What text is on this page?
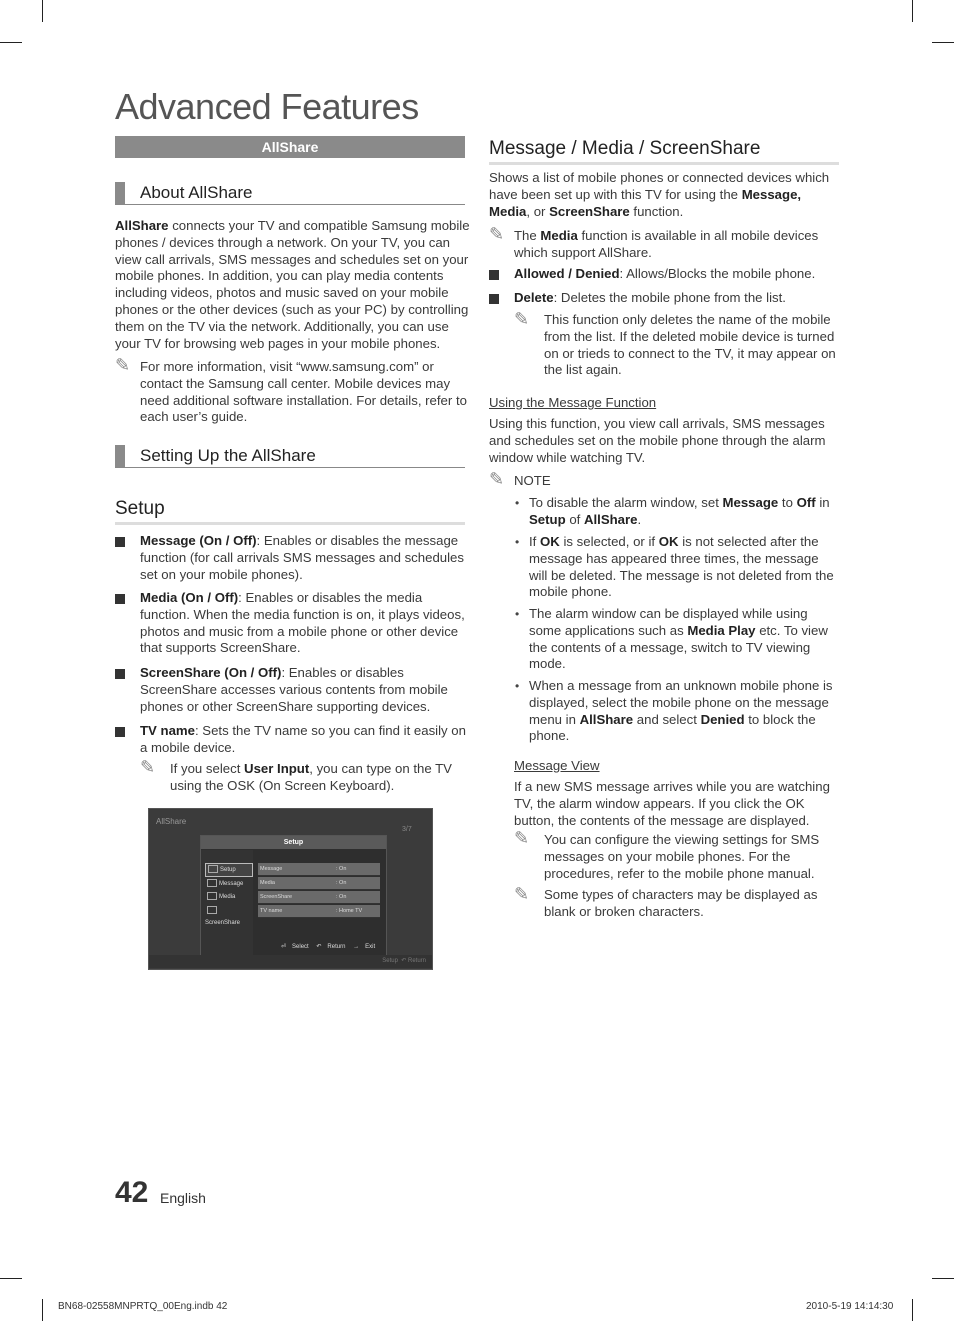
Advanced Features
AllShare
About AllShare
AllShare connects your TV and compatible Samsung mobile
phones / devices through a network. On your TV, you can
view call arrivals, SMS messages and schedules set on your
mobile phones. In addition, you can play media contents
including videos, photos and music saved on your mobile
phones or the other devices (such as your PC) by controlling
them on the TV via the network. Additionally, you can use
your TV for browsing web pages in your mobile phones.
✎ For more information, visit “www.samsung.com” or
contact the Samsung call center. Mobile devices may
need additional software installation. For details, refer to
each user’s guide.
Setting Up the AllShare
Setup
Message (On / Off): Enables or disables the message
function (for call arrivals SMS messages and schedules
set on your mobile phones).
Media (On / Off): Enables or disables the media
function. When the media function is on, it plays videos,
photos and music from a mobile phone or other device
that supports ScreenShare.
ScreenShare (On / Off): Enables or disables
ScreenShare accesses various contents from mobile
phones or other ScreenShare supporting devices.
TV name: Sets the TV name so you can find it easily on
a mobile device.
✎ If you select User Input, you can type on the TV
using the OSK (On Screen Keyboard).
AllShare
3/7
Setup
Setup
Message
Media
ScreenShare
Message	: On
Media	: On
ScreenShare	: On
TV name	: Home TV
⏎ Select ↶ Return → Exit
Setup  ↶ Return
Message / Media / ScreenShare
Shows a list of mobile phones or connected devices which
have been set up with this TV for using the Message,
Media, or ScreenShare function.
✎ The Media function is available in all mobile devices
which support AllShare.
Allowed / Denied: Allows/Blocks the mobile phone.
Delete: Deletes the mobile phone from the list.
✎ This function only deletes the name of the mobile
from the list. If the deleted mobile device is turned
on or trieds to connect to the TV, it may appear on
the list again.
Using the Message Function
Using this function, you view call arrivals, SMS messages
and schedules set on the mobile phone through the alarm
window while watching TV.
✎ NOTE
• To disable the alarm window, set Message to Off in
Setup of AllShare.
• If OK is selected, or if OK is not selected after the
message has appeared three times, the message
will be deleted. The message is not deleted from the
mobile phone.
• The alarm window can be displayed while using
some applications such as Media Play etc. To view
the contents of a message, switch to TV viewing
mode.
• When a message from an unknown mobile phone is
displayed, select the mobile phone on the message
menu in AllShare and select Denied to block the
phone.
Message View
If a new SMS message arrives while you are watching
TV, the alarm window appears. If you click the OK
button, the contents of the message are displayed.
✎ You can configure the viewing settings for SMS
messages on your mobile phones. For the
procedures, refer to the mobile phone manual.
✎ Some types of characters may be displayed as
blank or broken characters.
42 English
BN68-02558MNPRTQ_00Eng.indb 42	2010-5-19 14:14:30
